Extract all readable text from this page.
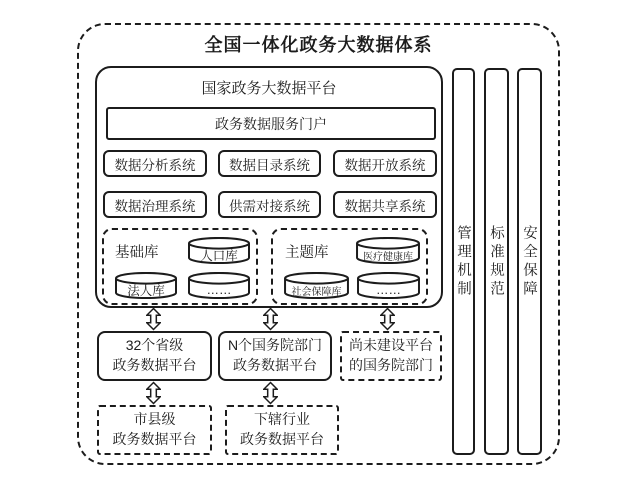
全国一体化政务大数据体系
国家政务大数据平台
政务数据服务门户
数据分析系统 数据目录系统	数据开放系统
数据治理系统 供需对接系统	数据共享系统
基础库	人口库
法人库	……
主题库	医疗健康库
社会保障库	……	管理机制 标准规范 安全保障
32个省级
政务数据平台
N个国务院部门
政务数据平台
尚未建设平台
的国务院部门
市县级
政务数据平台
下辖行业
政务数据平台
